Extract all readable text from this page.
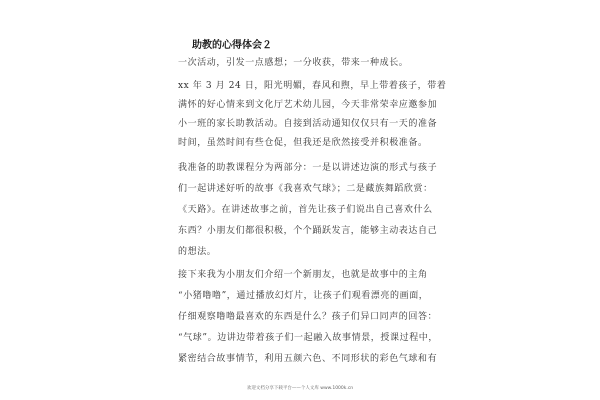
助教的心得体会２
一次活动，引发一点感想；一分收获，带来一种成长。
xx 年 3 月 24 日，阳光明媚，春风和煦，早上带着孩子，带着
满怀的好心情来到文化厅艺术幼儿园，今天非常荣幸应邀参加
小一班的家长助教活动。自接到活动通知仅仅只有一天的准备
时间，虽然时间有些仓促，但我还是欣然接受并积极准备。
我准备的助教课程分为两部分：一是以讲述边演的形式与孩子
们一起讲述好听的故事《我喜欢气球》；二是藏族舞蹈欣赏：
《天路》。在讲述故事之前，首先让孩子们说出自己喜欢什么
东西？小朋友们都很积极，个个踊跃发言，能够主动表达自己
的想法。
接下来我为小朋友们介绍一个新朋友，也就是故事中的主角
“小猪噜噜”，通过播放幻灯片，让孩子们观看漂亮的画面，
仔细观察噜噜最喜欢的东西是什么？孩子们异口同声的回答：
“气球”。边讲边带着孩子们一起融入故事情景，授课过程中，
紧密结合故事情节，利用五颜六色、不同形状的彩色气球和有
欢迎文档分享下载平台——个人文库 www.1000k.cn
